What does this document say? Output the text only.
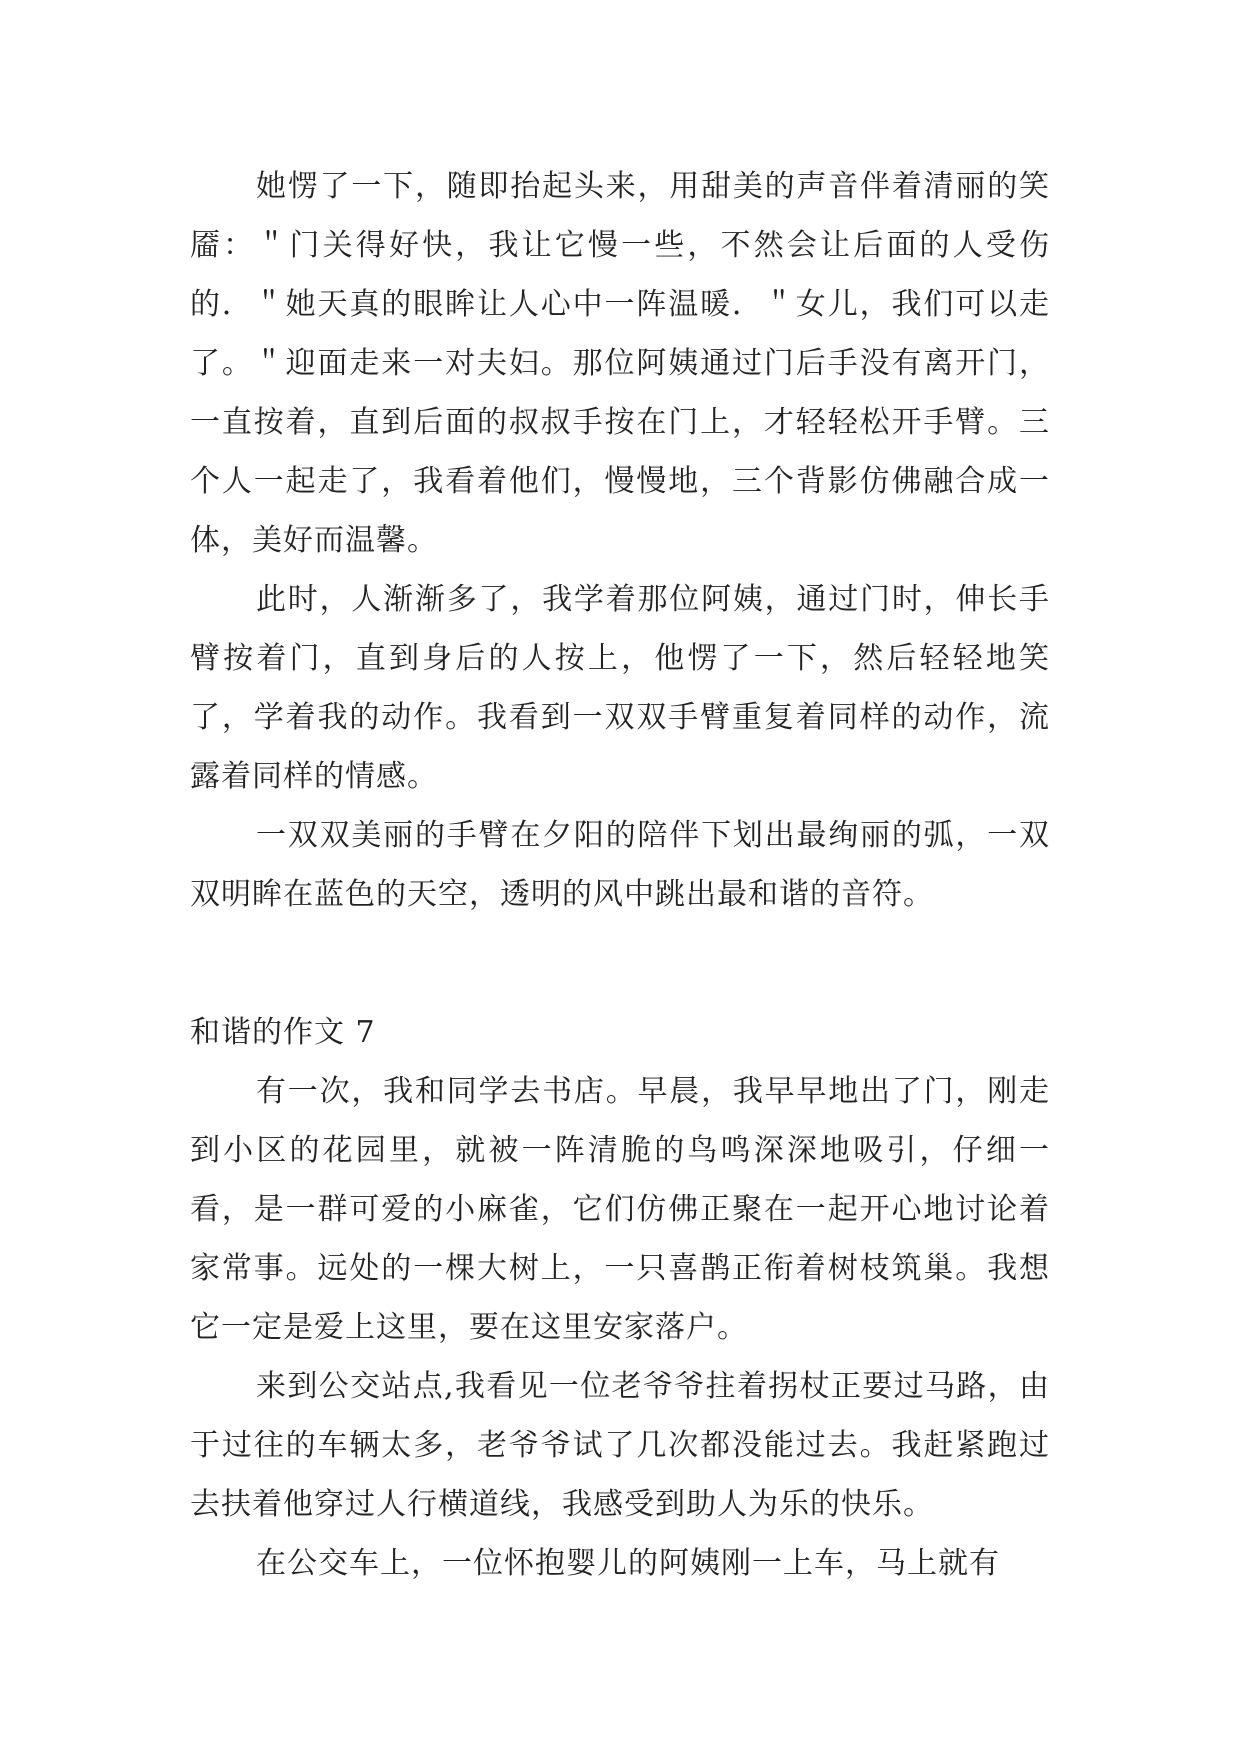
她愣了一下，随即抬起头来，用甜美的声音伴着清丽的笑靥：＂门关得好快，我让它慢一些，不然会让后面的人受伤的．＂她天真的眼眸让人心中一阵温暖．＂女儿，我们可以走了。＂迎面走来一对夫妇。那位阿姨通过门后手没有离开门，一直按着，直到后面的叔叔手按在门上，才轻轻松开手臂。三个人一起走了，我看着他们，慢慢地，三个背影仿佛融合成一体，美好而温馨。

此时，人渐渐多了，我学着那位阿姨，通过门时，伸长手臂按着门，直到身后的人按上，他愣了一下，然后轻轻地笑了，学着我的动作。我看到一双双手臂重复着同样的动作，流露着同样的情感。

一双双美丽的手臂在夕阳的陪伴下划出最绚丽的弧，一双双明眸在蓝色的天空，透明的风中跳出最和谐的音符。

和谐的作文 7

有一次，我和同学去书店。早晨，我早早地出了门，刚走到小区的花园里，就被一阵清脆的鸟鸣深深地吸引，仔细一看，是一群可爱的小麻雀，它们仿佛正聚在一起开心地讨论着家常事。远处的一棵大树上，一只喜鹊正衔着树枝筑巢。我想它一定是爱上这里，要在这里安家落户。

来到公交站点,我看见一位老爷爷拄着拐杖正要过马路，由于过往的车辆太多，老爷爷试了几次都没能过去。我赶紧跑过去扶着他穿过人行横道线，我感受到助人为乐的快乐。

在公交车上，一位怀抱婴儿的阿姨刚一上车，马上就有
